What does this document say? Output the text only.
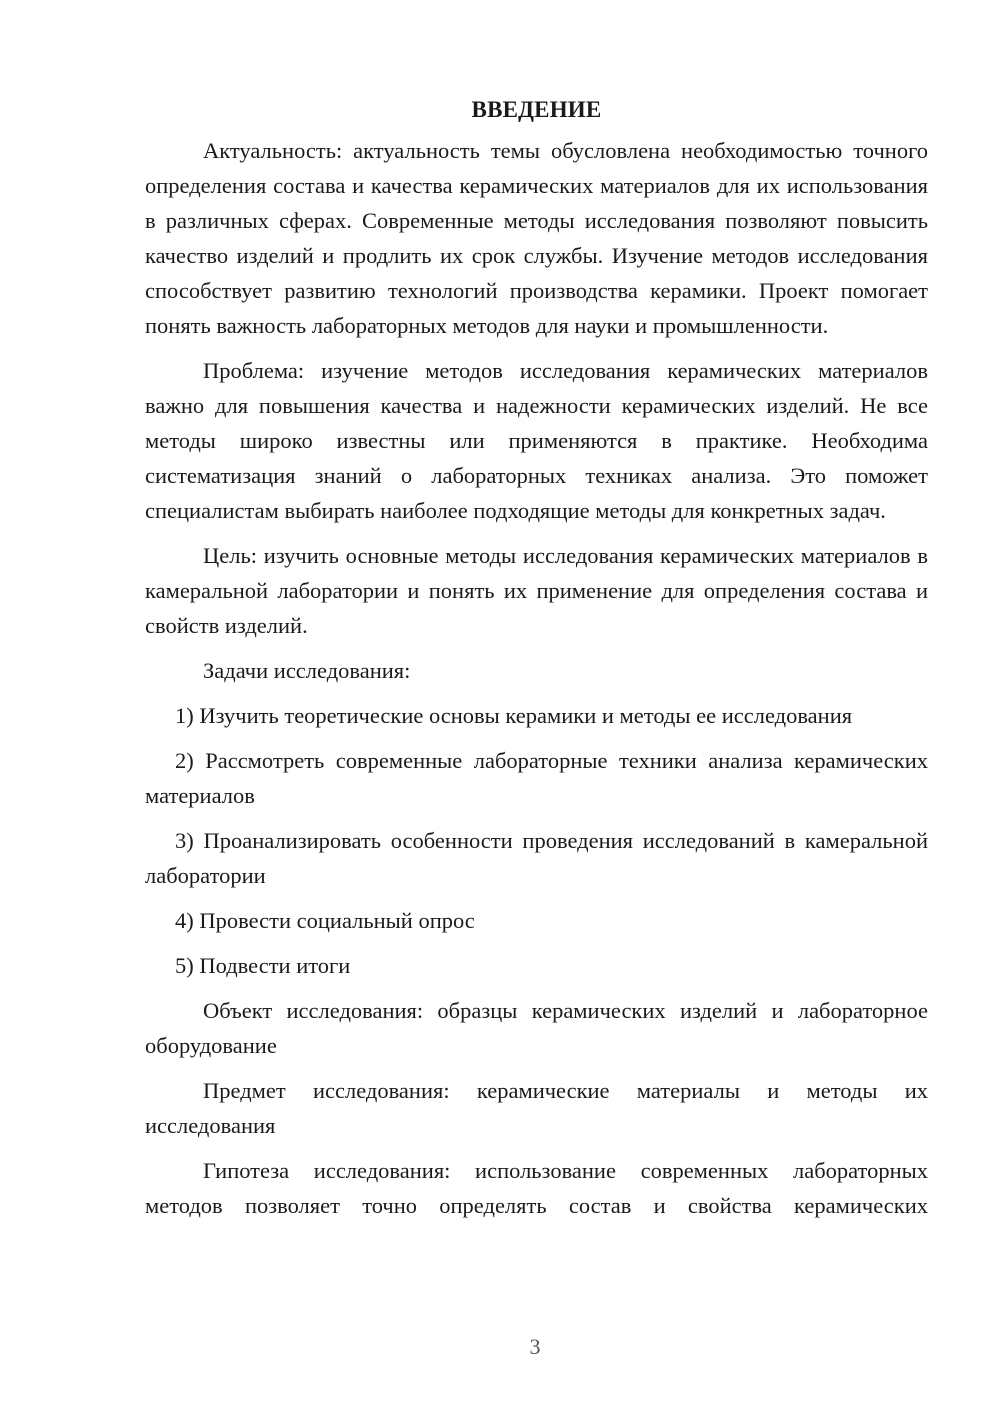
ВВЕДЕНИЕ

Актуальность: актуальность темы обусловлена необходимостью точного определения состава и качества керамических материалов для их использования в различных сферах. Современные методы исследования позволяют повысить качество изделий и продлить их срок службы. Изучение методов исследования способствует развитию технологий производства керамики. Проект помогает понять важность лабораторных методов для науки и промышленности.

Проблема: изучение методов исследования керамических материалов важно для повышения качества и надежности керамических изделий. Не все методы широко известны или применяются в практике. Необходима систематизация знаний о лабораторных техниках анализа. Это поможет специалистам выбирать наиболее подходящие методы для конкретных задач.

Цель: изучить основные методы исследования керамических материалов в камеральной лаборатории и понять их применение для определения состава и свойств изделий.

Задачи исследования:

1) Изучить теоретические основы керамики и методы ее исследования

2) Рассмотреть современные лабораторные техники анализа керамических материалов

3) Проанализировать особенности проведения исследований в камеральной лаборатории

4) Провести социальный опрос

5) Подвести итоги

Объект исследования: образцы керамических изделий и лабораторное оборудование

Предмет исследования: керамические материалы и методы их исследования

Гипотеза исследования: использование современных лабораторных методов позволяет точно определять состав и свойства керамических

3
